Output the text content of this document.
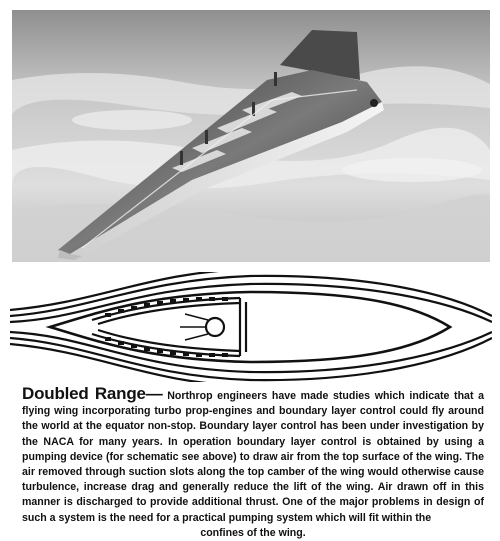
Doubled Range— Northrop engineers have made studies which indicate that a flying wing incorporating turbo prop-engines and boundary layer control could fly around the world at the equator non-stop. Boundary layer control has been under investigation by the NACA for many years. In operation boundary layer control is obtained by using a pumping device (for schematic see above) to draw air from the top surface of the wing. The air removed through suction slots along the top camber of the wing would otherwise cause turbulence, increase drag and generally reduce the lift of the wing. Air drawn off in this manner is discharged to provide additional thrust. One of the major problems in design of such a system is the need for a practical pumping system which will fit within the
confines of the wing.
